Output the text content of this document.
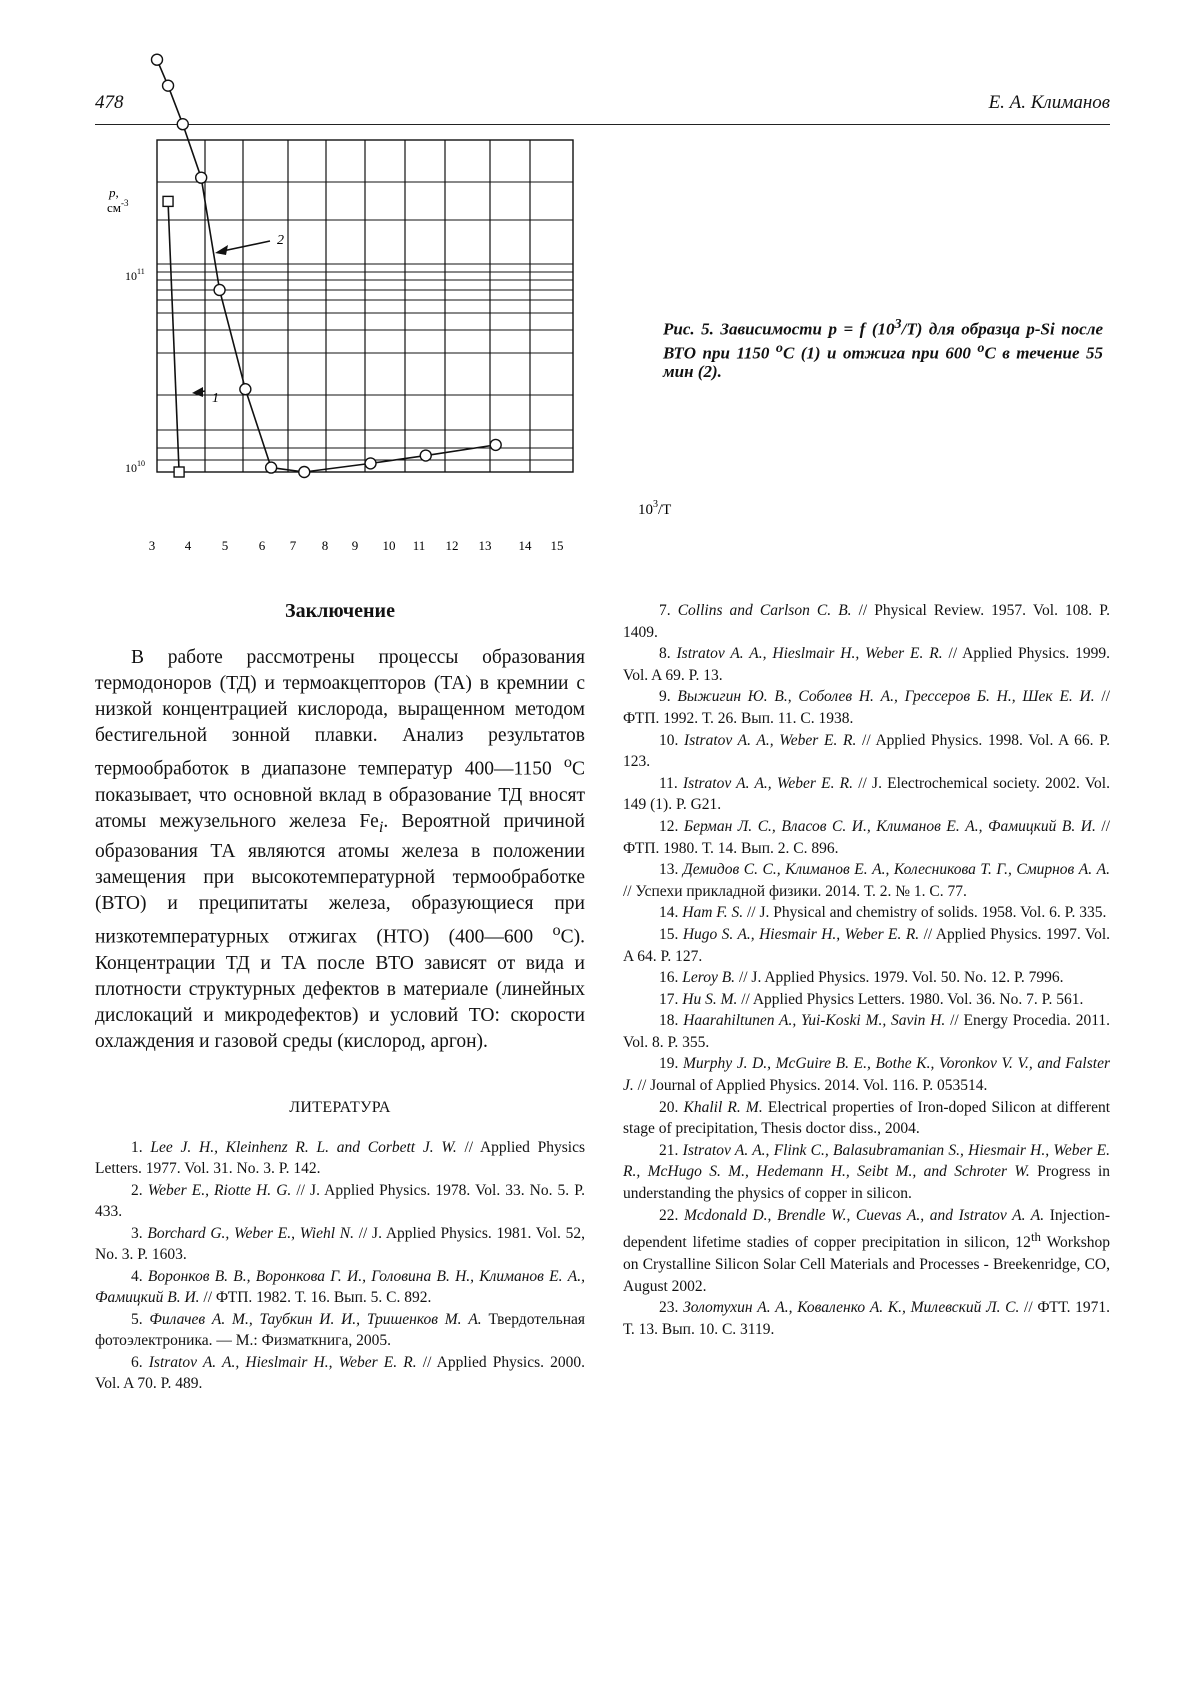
478	Е. А. Климанов
2
1
p, $см^{-3}$
$10^{11}$
$10^{10}$
$10^3/T$
3 4 5 6 7 8 9 10 11 12 13 14 15
Рис. 5. Зависимости p = f $(10^3/T)$ для образца p-Si после ВТО при 1150 $^o$C (1) и отжига при 600 $^o$C в течение 55 мин (2).
Заключение

В работе рассмотрены процессы образования термодоноров (ТД) и термоакцепторов (ТА) в кремнии с низкой концентрацией кислорода, выращенном методом бестигельной зонной плавки. Анализ результатов термообработок в диапазоне температур 400—1150 $^o$C показывает, что основной вклад в образование ТД вносят атомы межузельного железа $Fe_i$. Вероятной причиной образования ТА являются атомы железа в положении замещения при высокотемпературной термообработке (ВТО) и преципитаты железа, образующиеся при низкотемпературных отжигах (НТО) (400—600 $^o$C). Концентрации ТД и ТА после ВТО зависят от вида и плотности структурных дефектов в материале (линейных дислокаций и микродефектов) и условий ТО: скорости охлаждения и газовой среды (кислород, аргон).

ЛИТЕРАТУРА

1. Lee J. H., Kleinhenz R. L. and Corbett J. W. // Applied Physics Letters. 1977. Vol. 31. No. 3. P. 142.

2. Weber E., Riotte H. G. // J. Applied Physics. 1978. Vol. 33. No. 5. P. 433.

3. Borchard G., Weber E., Wiehl N. // J. Applied Physics. 1981. Vol. 52, No. 3. P. 1603.

4. Воронков В. В., Воронкова Г. И., Головина В. Н., Климанов Е. А., Фамицкий В. И. // ФТП. 1982. Т. 16. Вып. 5. С. 892.

5. Филачев А. М., Таубкин И. И., Тришенков М. А. Твердотельная фотоэлектроника. — М.: Физматкнига, 2005.

6. Istratov A. A., Hieslmair H., Weber E. R. // Applied Physics. 2000. Vol. A 70. P. 489.

7. Collins and Carlson C. B. // Physical Review. 1957. Vol. 108. P. 1409.

8. Istratov A. A., Hieslmair H., Weber E. R. // Applied Physics. 1999. Vol. A 69. P. 13.

9. Выжигин Ю. В., Соболев Н. А., Грессеров Б. Н., Шек Е. И. // ФТП. 1992. Т. 26. Вып. 11. С. 1938.

10. Istratov A. A., Weber E. R. // Applied Physics. 1998. Vol. A 66. P. 123.

11. Istratov A. A., Weber E. R. // J. Electrochemical society. 2002. Vol. 149 (1). P. G21.

12. Берман Л. С., Власов С. И., Климанов Е. А., Фамицкий В. И. // ФТП. 1980. Т. 14. Вып. 2. С. 896.

13. Демидов С. С., Климанов Е. А., Колесникова Т. Г., Смирнов А. А. // Успехи прикладной физики. 2014. Т. 2. № 1. С. 77.

14. Ham F. S. // J. Physical and chemistry of solids. 1958. Vol. 6. P. 335.

15. Hugo S. A., Hiesmair H., Weber E. R. // Applied Physics. 1997. Vol. A 64. P. 127.

16. Leroy B. // J. Applied Physics. 1979. Vol. 50. No. 12. P. 7996.

17. Hu S. M. // Applied Physics Letters. 1980. Vol. 36. No. 7. P. 561.

18. Haarahiltunen A., Yui-Koski M., Savin H. // Energy Procedia. 2011. Vol. 8. P. 355.

19. Murphy J. D., McGuire B. E., Bothe K., Voronkov V. V., and Falster J. // Journal of Applied Physics. 2014. Vol. 116. P. 053514.

20. Khalil R. M. Electrical properties of Iron-doped Silicon at different stage of precipitation, Thesis doctor diss., 2004.

21. Istratov A. A., Flink C., Balasubramanian S., Hiesmair H., Weber E. R., McHugo S. M., Hedemann H., Seibt M., and Schroter W. Progress in understanding the physics of copper in silicon.

22. Mcdonald D., Brendle W., Cuevas A., and Istratov A. A. Injection-dependent lifetime stadies of copper precipitation in silicon, 12th Workshop on Crystalline Silicon Solar Cell Materials and Processes - Breekenridge, CO, August 2002.

23. Золотухин А. А., Коваленко А. К., Милевский Л. С. // ФТТ. 1971. Т. 13. Вып. 10. С. 3119.
